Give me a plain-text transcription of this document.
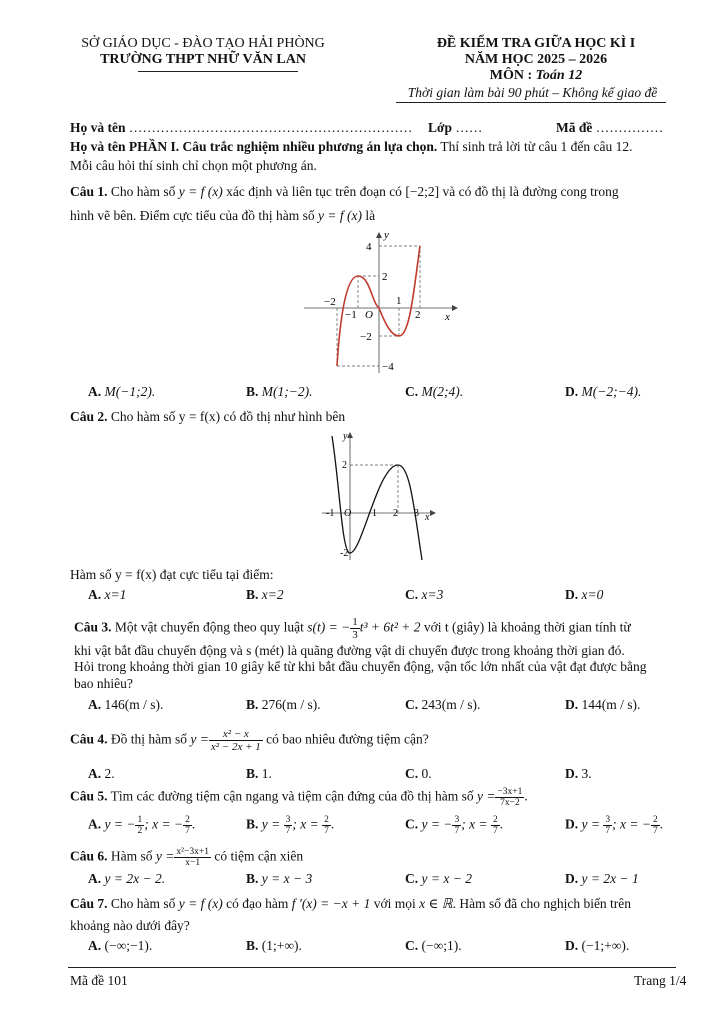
SỞ GIÁO DỤC - ĐÀO TẠO HẢI PHÒNG
TRƯỜNG THPT NHỮ VĂN LAN
ĐỀ KIỂM TRA GIỮA HỌC KÌ I
NĂM HỌC 2025 – 2026
MÔN : Toán 12
Thời gian làm bài 90 phút – Không kể giao đề
Họ và tên ……………………………………………………… Lớp ……	Mã đề ……………
Họ và tên PHẦN I. Câu trắc nghiệm nhiều phương án lựa chọn. Thí sinh trả lời từ câu 1 đến câu 12.
Mỗi câu hỏi thí sinh chỉ chọn một phương án.
Câu 1. Cho hàm số y = f (x) xác định và liên tục trên đoạn có [−2;2] và có đồ thị là đường cong trong
hình vẽ bên. Điểm cực tiểu của đồ thị hàm số y = f (x) là
y
x
O
4
2
−2
−1
1
2
−2
−4
A. M(−1;2).	B. M(1;−2).	C. M(2;4).	D. M(−2;−4).
Câu 2. Cho hàm số y = f(x) có đồ thị như hình bên
y
x
O
2
-1	1 2 3
-2
Hàm số y = f(x) đạt cực tiểu tại điểm:
A. x=1	B. x=2	C. x=3	D. x=0
Câu 3. Một vật chuyển động theo quy luật s(t) = − $\frac{1}{3} t^3 + 6t^2 + 2$ với t (giây) là khoảng thời gian tính từ
khi vật bắt đầu chuyển động và s (mét) là quãng đường vật di chuyển được trong khoảng thời gian đó.
Hỏi trong khoảng thời gian 10 giây kể từ khi bắt đầu chuyển động, vận tốc lớn nhất của vật đạt được bằng
bao nhiêu?
A. 146(m / s).	B. 276(m / s).	C. 243(m / s).	D. 144(m / s).
Câu 4. Đồ thị hàm số $y = \frac{\text{x² − x}}{\text{x² − 2x + 1}}$ có bao nhiêu đường tiệm cận?
A. 2.	B. 1.	C. 0.	D. 3.
Câu 5. Tìm các đường tiệm cận ngang và tiệm cận đứng của đồ thị hàm số $y = \frac{-3x+1}{7x-2}$ .
A. y = − $\frac{1}{2}$ ; x = − $\frac{2}{7}$ .	B. $y = \frac{3}{7}$ ; $x = \frac{2}{7}$ .	C. y = − $\frac{3}{7}$ ; $x = \frac{2}{7}$ .	D. $y = \frac{3}{7}$ ; x = − $\frac{2}{7}$ .
Câu 6. Hàm số $y = \frac{\text{x²−3x+1}}{x-1}$ có tiệm cận xiên
A. y = 2x − 2.	B. y = x − 3	C. y = x − 2	D. y = 2x − 1
Câu 7. Cho hàm số y = f (x) có đạo hàm f ′(x) = −x + 1 với mọi x ∈ ℝ. Hàm số đã cho nghịch biến trên
khoảng nào dưới đây?
A. (−∞;−1).	B. (1;+∞).	C. (−∞;1).	D. (−1;+∞).
Mã đề 101	Trang 1/4
